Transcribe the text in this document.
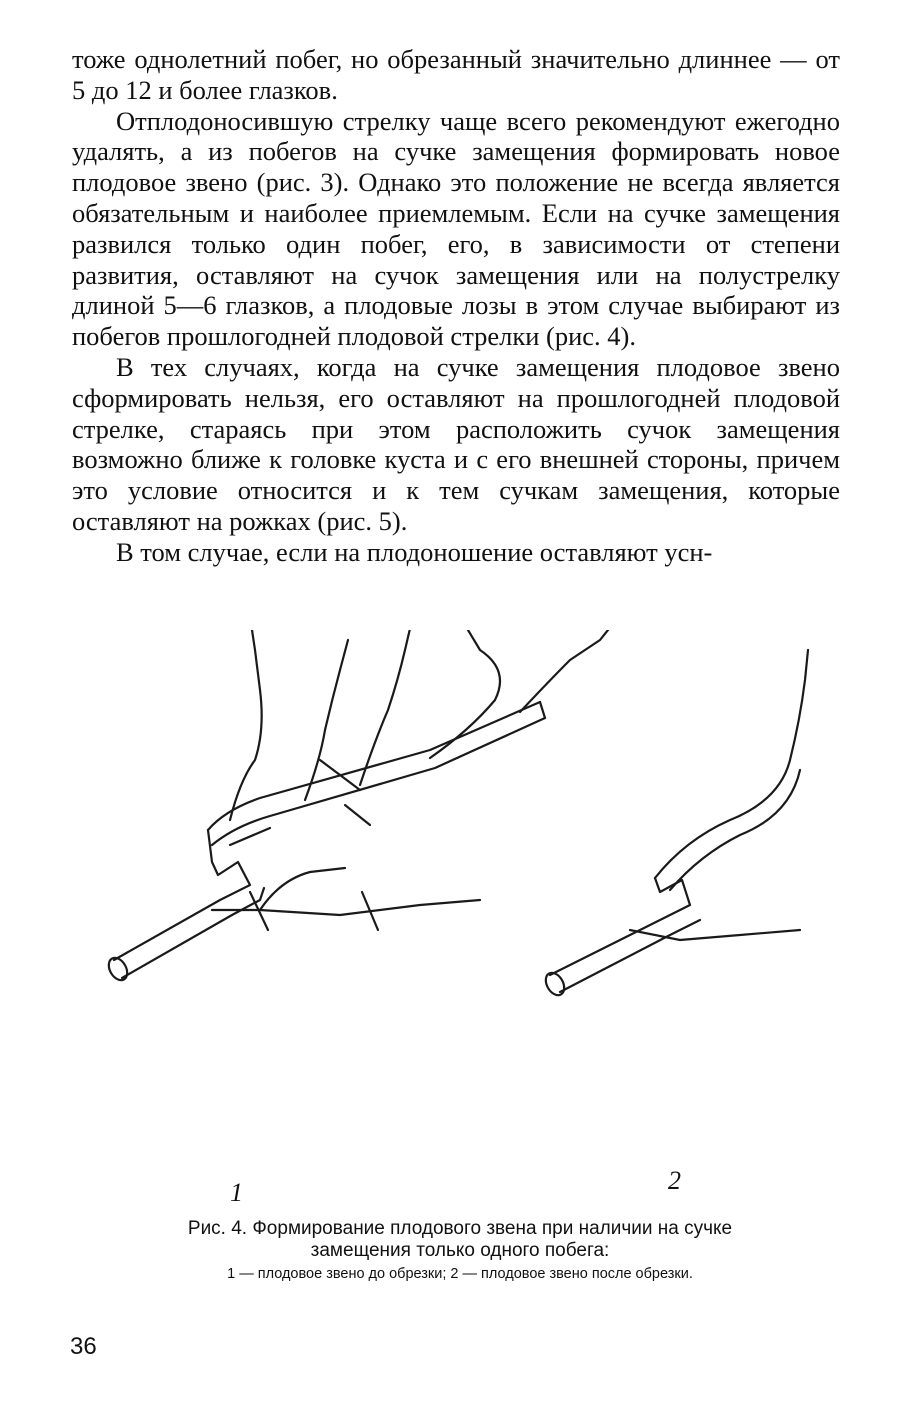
тоже однолетний побег, но обрезанный значительно длиннее — от 5 до 12 и более глазков.

Отплодоносившую стрелку чаще всего рекомендуют ежегодно удалять, а из побегов на сучке замещения формировать новое плодовое звено (рис. 3). Однако это положение не всегда является обязательным и наиболее приемлемым. Если на сучке замещения развился только один побег, его, в зависимости от степени развития, оставляют на сучок замещения или на полустрелку длиной 5—6 глазков, а плодовые лозы в этом случае выбирают из побегов прошлогодней плодовой стрелки (рис. 4).

В тех случаях, когда на сучке замещения плодовое звено сформировать нельзя, его оставляют на прошлогодней плодовой стрелке, стараясь при этом расположить сучок замещения возможно ближе к головке куста и с его внешней стороны, причем это условие относится и к тем сучкам замещения, которые оставляют на рожках (рис. 5).

В том случае, если на плодоношение оставляют усн-

1	2
Рис. 4. Формирование плодового звена при наличии на сучке замещения только одного побега:
1 — плодовое звено до обрезки; 2 — плодовое звено после обрезки.
36
